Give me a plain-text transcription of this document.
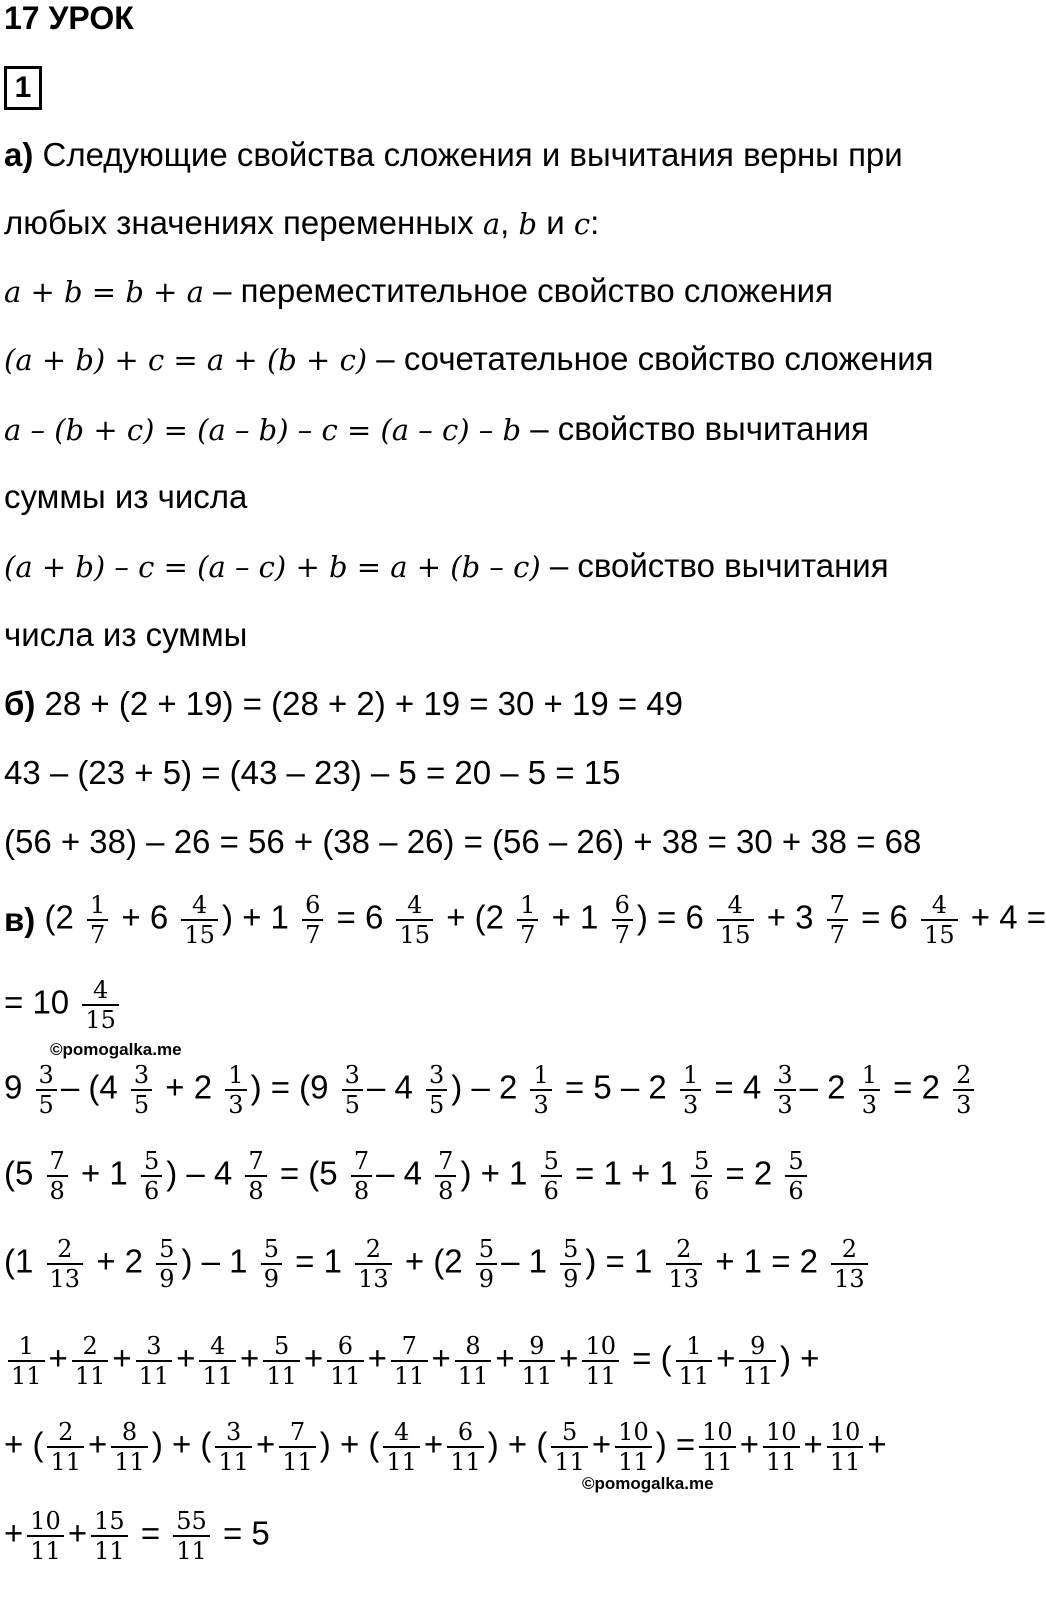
17 УРОК
1
а) Следующие свойства сложения и вычитания верны при
любых значениях переменных a, b и c:
a + b = b + a – переместительное свойство сложения
(a + b) + c = a + (b + c) – сочетательное свойство сложения
a – (b + c) = (a – b) – c = (a – c) – b – свойство вычитания
суммы из числа
(a + b) – c = (a – c) + b = a + (b – c) – свойство вычитания
числа из суммы
б) 28 + (2 + 19) = (28 + 2) + 19 = 30 + 19 = 49
43 – (23 + 5) = (43 – 23) – 5 = 20 – 5 = 15
(56 + 38) – 26 = 56 + (38 – 26) = (56 – 26) + 38 = 30 + 38 = 68
в) ($2 \frac{1}{7} + 6 \frac{4}{15}$ ) + $1 \frac{6}{7} = 6 \frac{4}{15} + (2 \frac{1}{7} + 1 \frac{6}{7}$ ) = $6 \frac{4}{15} + 3 \frac{7}{7} = 6 \frac{4}{15} + 4$ =
= $10 \frac{4}{15}$
©pomogalka.me
$9 \frac{3}{5} - (4 \frac{3}{5} + 2 \frac{1}{3}$ ) = ($9 \frac{3}{5} - 4 \frac{3}{5}$ ) – $2 \frac{1}{3} = 5 - 2 \frac{1}{3} = 4 \frac{3}{3} - 2 \frac{1}{3} = 2 \frac{2}{3}$
($5 \frac{7}{8} + 1 \frac{5}{6}$ ) – $4 \frac{7}{8} = (5 \frac{7}{8} - 4 \frac{7}{8}$ ) + $1 \frac{5}{6} = 1 + 1 \frac{5}{6} = 2 \frac{5}{6}$
($1 \frac{2}{13} + 2 \frac{5}{9}$ ) – $1 \frac{5}{9} = 1 \frac{2}{13} + (2 \frac{5}{9} - 1 \frac{5}{9}$ ) = $1 \frac{2}{13} + 1 = 2 \frac{2}{13}$
$\frac{1}{11} + \frac{2}{11} + \frac{3}{11} + \frac{4}{11} + \frac{5}{11} + \frac{6}{11} + \frac{7}{11} + \frac{8}{11} + \frac{9}{11} + \frac{10}{11}$ = ( $\frac{1}{11} + \frac{9}{11}$ ) +
+ ( $\frac{2}{11} + \frac{8}{11}$ ) + ( $\frac{3}{11} + \frac{7}{11}$ ) + ( $\frac{4}{11} + \frac{6}{11}$ ) + ( $\frac{5}{11} + \frac{10}{11}$ ) = $\frac{10}{11} + \frac{10}{11} + \frac{10}{11}$ +
©pomogalka.me
+ $\frac{10}{11} + \frac{15}{11} = \frac{55}{11} = 5$
